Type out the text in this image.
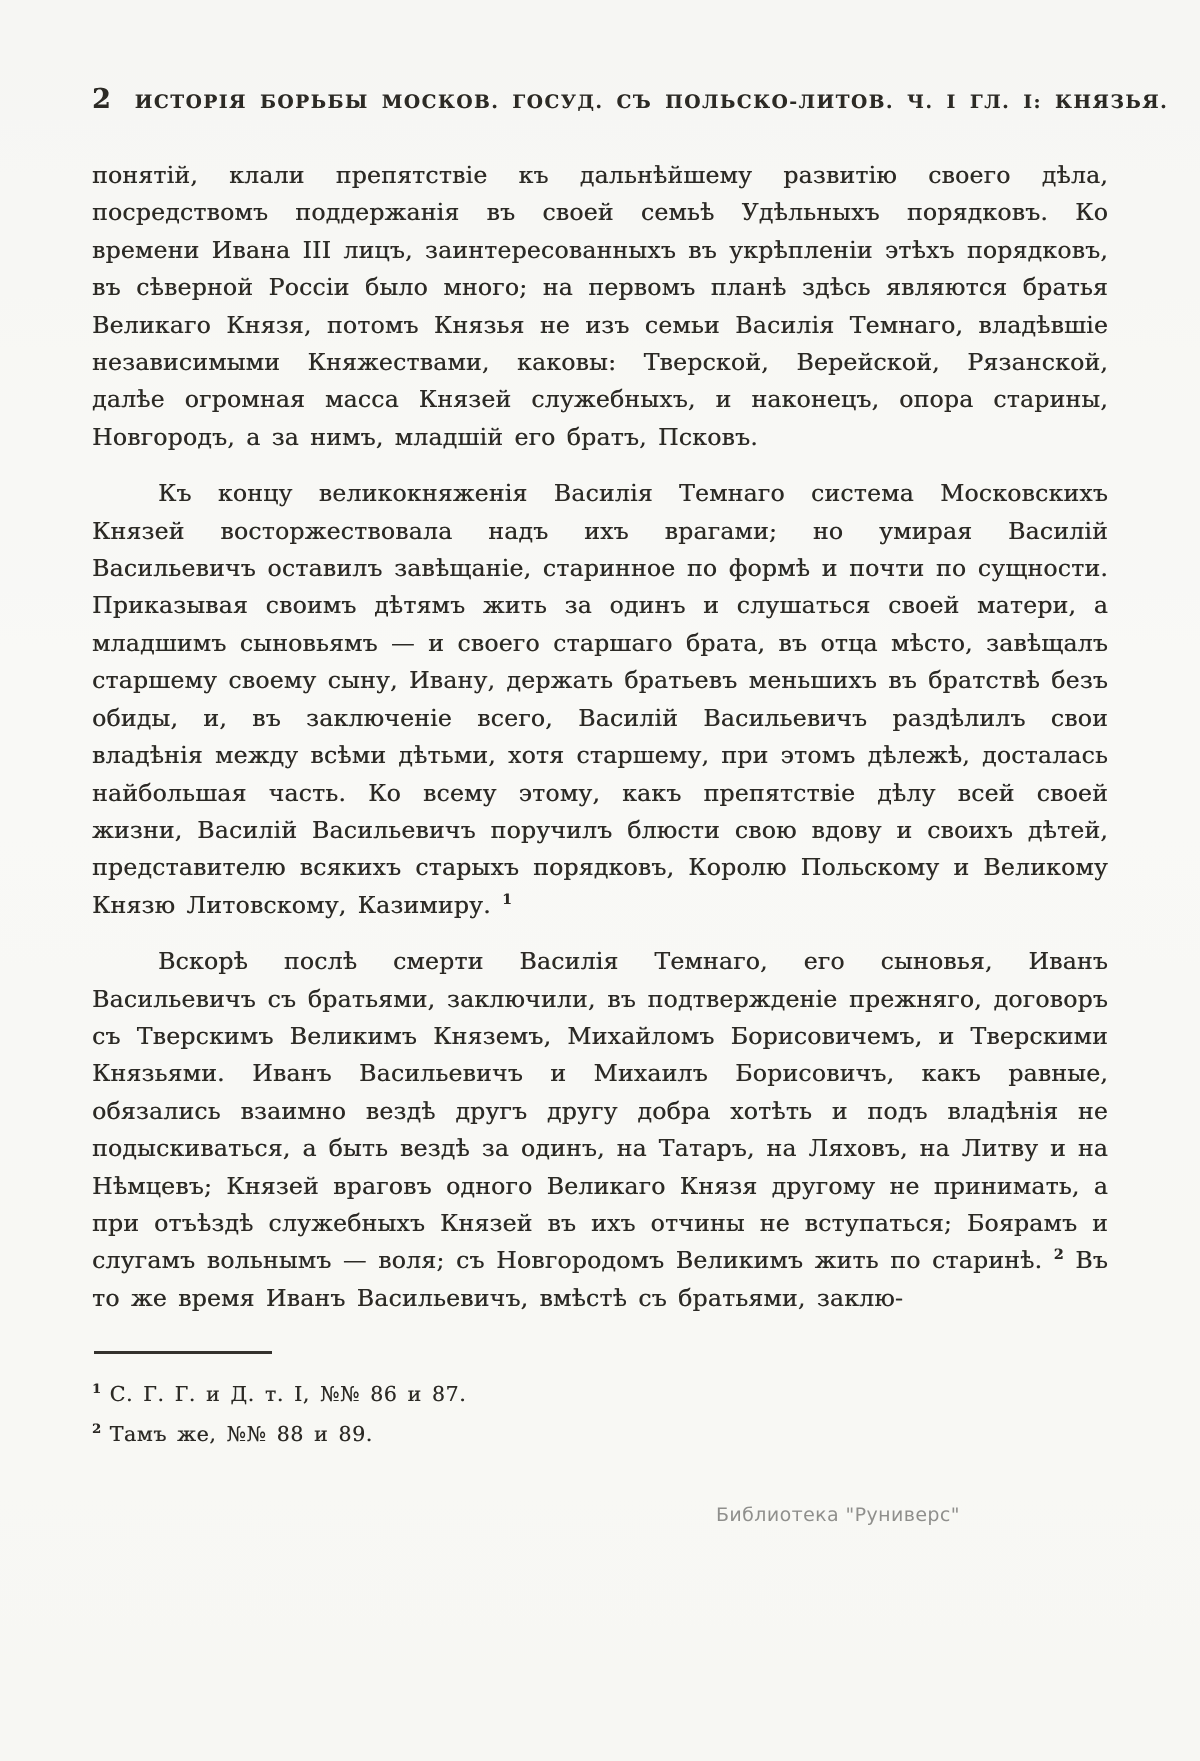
2 ИСТОРІЯ БОРЬБЫ МОСКОВ. ГОСУД. СЪ ПОЛЬСКО-ЛИТОВ. Ч. I ГЛ. I: КНЯЗЬЯ.

понятій, клали препятствіе къ дальнѣйшему развитію своего дѣла, посредствомъ поддержанія въ своей семьѣ Удѣльныхъ порядковъ. Ко времени Ивана III лицъ, заинтересованныхъ въ укрѣпленіи этѣхъ порядковъ, въ сѣверной Россіи было много; на первомъ планѣ здѣсь являются братья Великаго Князя, потомъ Князья не изъ семьи Василія Темнаго, владѣвшіе независимыми Княжествами, каковы: Тверской, Верейской, Рязанской, далѣе огромная масса Князей служебныхъ, и наконецъ, опора старины, Новгородъ, а за нимъ, младшій его братъ, Псковъ.

Къ концу великокняженія Василія Темнаго система Московскихъ Князей восторжествовала надъ ихъ врагами; но умирая Василій Васильевичъ оставилъ завѣщаніе, старинное по формѣ и почти по сущности. Приказывая своимъ дѣтямъ жить за одинъ и слушаться своей матери, а младшимъ сыновьямъ — и своего старшаго брата, въ отца мѣсто, завѣщалъ старшему своему сыну, Ивану, держать братьевъ меньшихъ въ братствѣ безъ обиды, и, въ заключеніе всего, Василій Васильевичъ раздѣлилъ свои владѣнія между всѣми дѣтьми, хотя старшему, при этомъ дѣлежѣ, досталась найбольшая часть. Ко всему этому, какъ препятствіе дѣлу всей своей жизни, Василій Васильевичъ поручилъ блюсти свою вдову и своихъ дѣтей, представителю всякихъ старыхъ порядковъ, Королю Польскому и Великому Князю Литовскому, Казимиру. $^1$

Вскорѣ послѣ смерти Василія Темнаго, его сыновья, Иванъ Васильевичъ съ братьями, заключили, въ подтвержденіе прежняго, договоръ съ Тверскимъ Великимъ Княземъ, Михайломъ Борисовичемъ, и Тверскими Князьями. Иванъ Васильевичъ и Михаилъ Борисовичъ, какъ равные, обязались взаимно вездѣ другъ другу добра хотѣть и подъ владѣнія не подыскиваться, а быть вездѣ за одинъ, на Татаръ, на Ляховъ, на Литву и на Нѣмцевъ; Князей враговъ одного Великаго Князя другому не принимать, а при отъѣздѣ служебныхъ Князей въ ихъ отчины не вступаться; Боярамъ и слугамъ вольнымъ — воля; съ Новгородомъ Великимъ жить по старинѣ. $^2$ Въ то же время Иванъ Васильевичъ, вмѣстѣ съ братьями, заклю-

$^1$ С. Г. Г. и Д. т. I, №№ 86 и 87.

$^2$ Тамъ же, №№ 88 и 89.

Библиотека "Руниверс"
